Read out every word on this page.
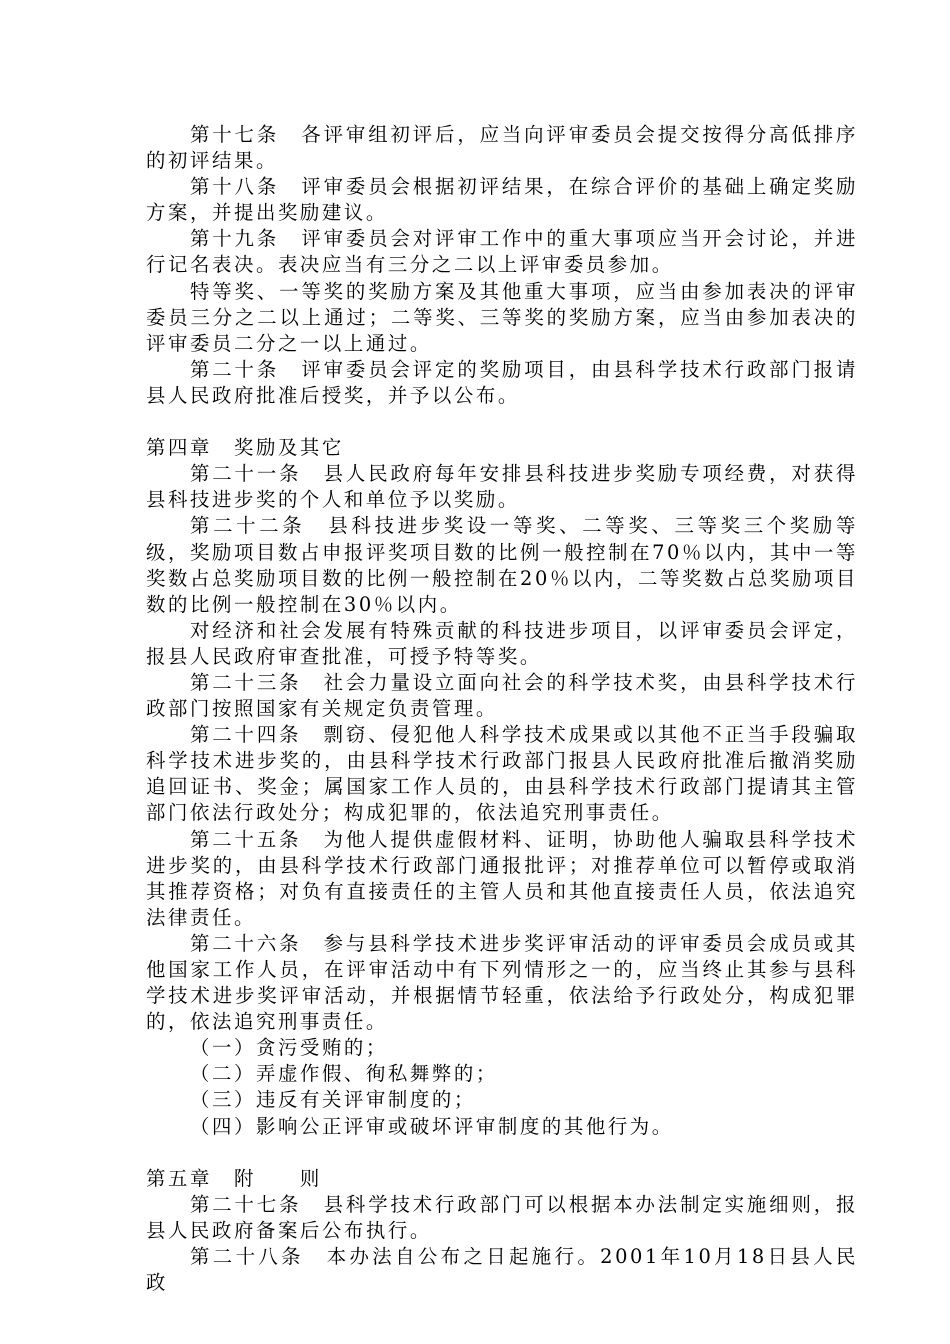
第十七条　各评审组初评后，应当向评审委员会提交按得分高低排序的初评结果。

第十八条　评审委员会根据初评结果，在综合评价的基础上确定奖励方案，并提出奖励建议。

第十九条　评审委员会对评审工作中的重大事项应当开会讨论，并进行记名表决。表决应当有三分之二以上评审委员参加。

特等奖、一等奖的奖励方案及其他重大事项，应当由参加表决的评审委员三分之二以上通过；二等奖、三等奖的奖励方案，应当由参加表决的评审委员二分之一以上通过。

第二十条　评审委员会评定的奖励项目，由县科学技术行政部门报请县人民政府批准后授奖，并予以公布。

第四章　奖励及其它

第二十一条　县人民政府每年安排县科技进步奖励专项经费，对获得县科技进步奖的个人和单位予以奖励。

第二十二条　县科技进步奖设一等奖、二等奖、三等奖三个奖励等级，奖励项目数占申报评奖项目数的比例一般控制在70％以内，其中一等奖数占总奖励项目数的比例一般控制在20％以内，二等奖数占总奖励项目数的比例一般控制在30％以内。

对经济和社会发展有特殊贡献的科技进步项目，以评审委员会评定，报县人民政府审查批准，可授予特等奖。

第二十三条　社会力量设立面向社会的科学技术奖，由县科学技术行政部门按照国家有关规定负责管理。

第二十四条　剽窃、侵犯他人科学技术成果或以其他不正当手段骗取科学技术进步奖的，由县科学技术行政部门报县人民政府批准后撤消奖励追回证书、奖金；属国家工作人员的，由县科学技术行政部门提请其主管部门依法行政处分；构成犯罪的，依法追究刑事责任。

第二十五条　为他人提供虚假材料、证明，协助他人骗取县科学技术进步奖的，由县科学技术行政部门通报批评；对推荐单位可以暂停或取消其推荐资格；对负有直接责任的主管人员和其他直接责任人员，依法追究法律责任。

第二十六条　参与县科学技术进步奖评审活动的评审委员会成员或其他国家工作人员，在评审活动中有下列情形之一的，应当终止其参与县科学技术进步奖评审活动，并根据情节轻重，依法给予行政处分，构成犯罪的，依法追究刑事责任。

（一）贪污受贿的；

（二）弄虚作假、徇私舞弊的；

（三）违反有关评审制度的；

（四）影响公正评审或破坏评审制度的其他行为。

第五章　附　　则

第二十七条　县科学技术行政部门可以根据本办法制定实施细则，报县人民政府备案后公布执行。

第二十八条　本办法自公布之日起施行。2001年10月18日县人民政
